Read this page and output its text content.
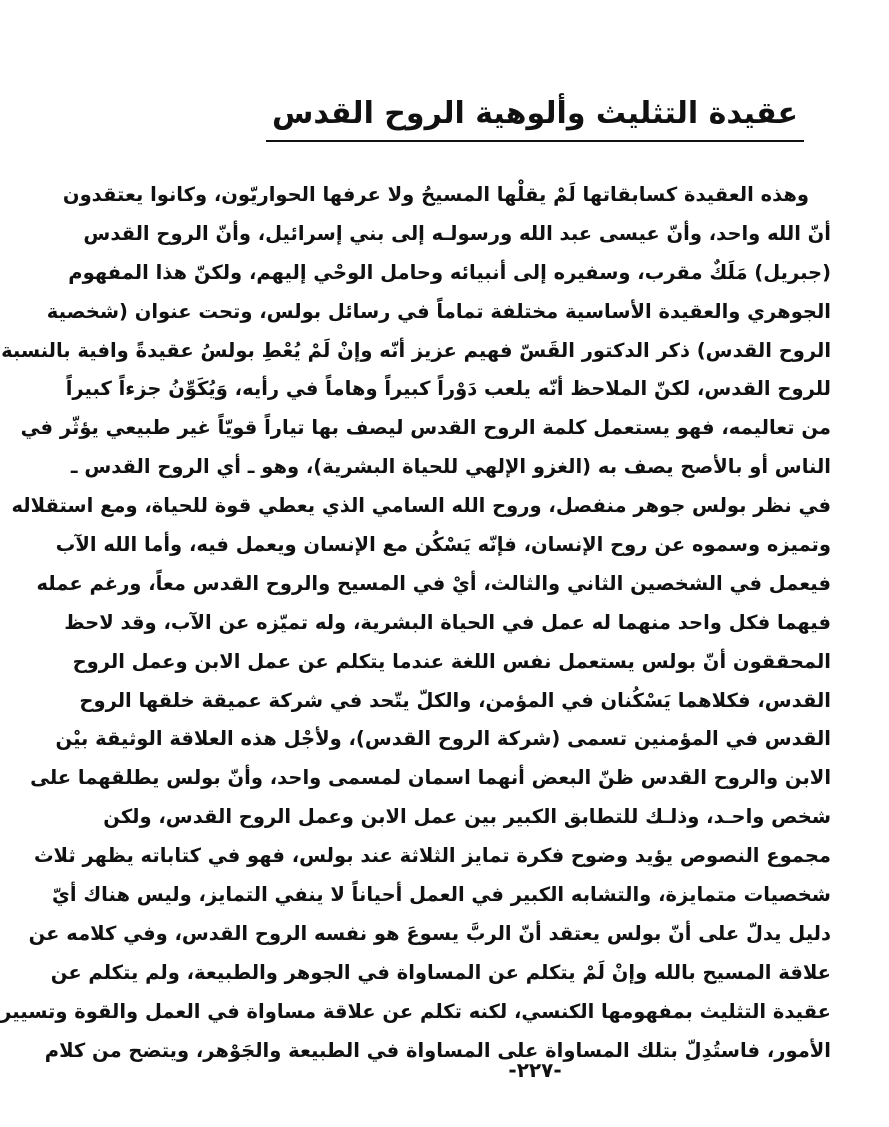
عقيدة التثليث وألوهية الروح القدس
وهذه العقيدة كسابقاتها لَمْ يقلْها المسيحُ ولا عرفها الحواريّون، وكانوا يعتقدون
أنّ الله واحد، وأنّ عيسى عبد الله ورسولـه إلى بني إسرائيل، وأنّ الروح القدس
(جبريل) مَلَكٌ مقرب، وسفيره إلى أنبيائه وحامل الوحْي إليهم، ولكنّ هذا المفهوم
الجوهري والعقيدة الأساسية مختلفة تماماً في رسائل بولس، وتحت عنوان (شخصية
الروح القدس) ذكر الدكتور القَسّ فهيم عزيز أنّه وإنْ لَمْ يُعْطِ بولسُ عقيدةً وافية بالنسبة
للروح القدس، لكنّ الملاحظ أنّه يلعب دَوْراً كبيراً وهاماً في رأيه، وَيُكَوِّنُ جزءاً كبيراً
من تعاليمه، فهو يستعمل كلمة الروح القدس ليصف بها تياراً قويّاً غير طبيعي يؤثّر في
الناس أو بالأصح يصف به (الغزو الإلهي للحياة البشرية)، وهو ـ أي الروح القدس ـ
في نظر بولس جوهر منفصل، وروح الله السامي الذي يعطي قوة للحياة، ومع استقلاله
وتميزه وسموه عن روح الإنسان، فإنّه يَسْكُن مع الإنسان ويعمل فيه، وأما الله الآب
فيعمل في الشخصين الثاني والثالث، أيْ في المسيح والروح القدس معاً، ورغم عمله
فيهما فكل واحد منهما له عمل في الحياة البشرية، وله تميّزه عن الآب، وقد لاحظ
المحققون أنّ بولس يستعمل نفس اللغة عندما يتكلم عن عمل الابن وعمل الروح
القدس، فكلاهما يَسْكُنان في المؤمن، والكلّ يتّحد في شركة عميقة خلقها الروح
القدس في المؤمنين تسمى (شركة الروح القدس)، ولأجْل هذه العلاقة الوثيقة بيْن
الابن والروح القدس ظنّ البعض أنهما اسمان لمسمى واحد، وأنّ بولس يطلقهما على
شخص واحـد، وذلـك للتطابق الكبير بين عمل الابن وعمل الروح القدس، ولكن
مجموع النصوص يؤيد وضوح فكرة تمايز الثلاثة عند بولس، فهو في كتاباته يظهر ثلاث
شخصيات متمايزة، والتشابه الكبير في العمل أحياناً لا ينفي التمايز، وليس هناك أيّ
دليل يدلّ على أنّ بولس يعتقد أنّ الربَّ يسوعَ هو نفسه الروح القدس، وفي كلامه عن
علاقة المسيح بالله وإنْ لَمْ يتكلم عن المساواة في الجوهر والطبيعة، ولم يتكلم عن
عقيدة التثليث بمفهومها الكنسي، لكنه تكلم عن علاقة مساواة في العمل والقوة وتسيير
الأمور، فاستُدِلّ بتلك المساواة على المساواة في الطبيعة والجَوْهر، ويتضح من كلام
-٢٢٧-
